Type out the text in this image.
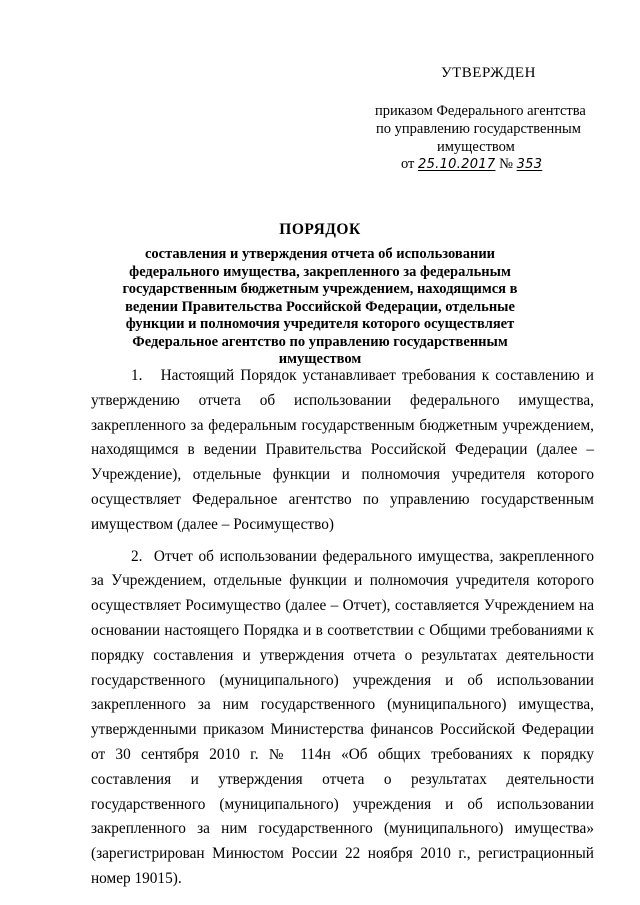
УТВЕРЖДЕН
приказом Федерального агентства
по управлению государственным
имуществом
от 25.10.2017 № 353
ПОРЯДОК
составления и утверждения отчета об использовании федерального имущества, закрепленного за федеральным государственным бюджетным учреждением, находящимся в ведении Правительства Российской Федерации, отдельные функции и полномочия учредителя которого осуществляет Федеральное агентство по управлению государственным имуществом

1. Настоящий Порядок устанавливает требования к составлению и утверждению отчета об использовании федерального имущества, закрепленного за федеральным государственным бюджетным учреждением, находящимся в ведении Правительства Российской Федерации (далее – Учреждение), отдельные функции и полномочия учредителя которого осуществляет Федеральное агентство по управлению государственным имуществом (далее – Росимущество)

2. Отчет об использовании федерального имущества, закрепленного за Учреждением, отдельные функции и полномочия учредителя которого осуществляет Росимущество (далее – Отчет), составляется Учреждением на основании настоящего Порядка и в соответствии с Общими требованиями к порядку составления и утверждения отчета о результатах деятельности государственного (муниципального) учреждения и об использовании закрепленного за ним государственного (муниципального) имущества, утвержденными приказом Министерства финансов Российской Федерации от 30 сентября 2010 г. № 114н «Об общих требованиях к порядку составления и утверждения отчета о результатах деятельности государственного (муниципального) учреждения и об использовании закрепленного за ним государственного (муниципального) имущества» (зарегистрирован Минюстом России 22 ноября 2010 г., регистрационный номер 19015).
